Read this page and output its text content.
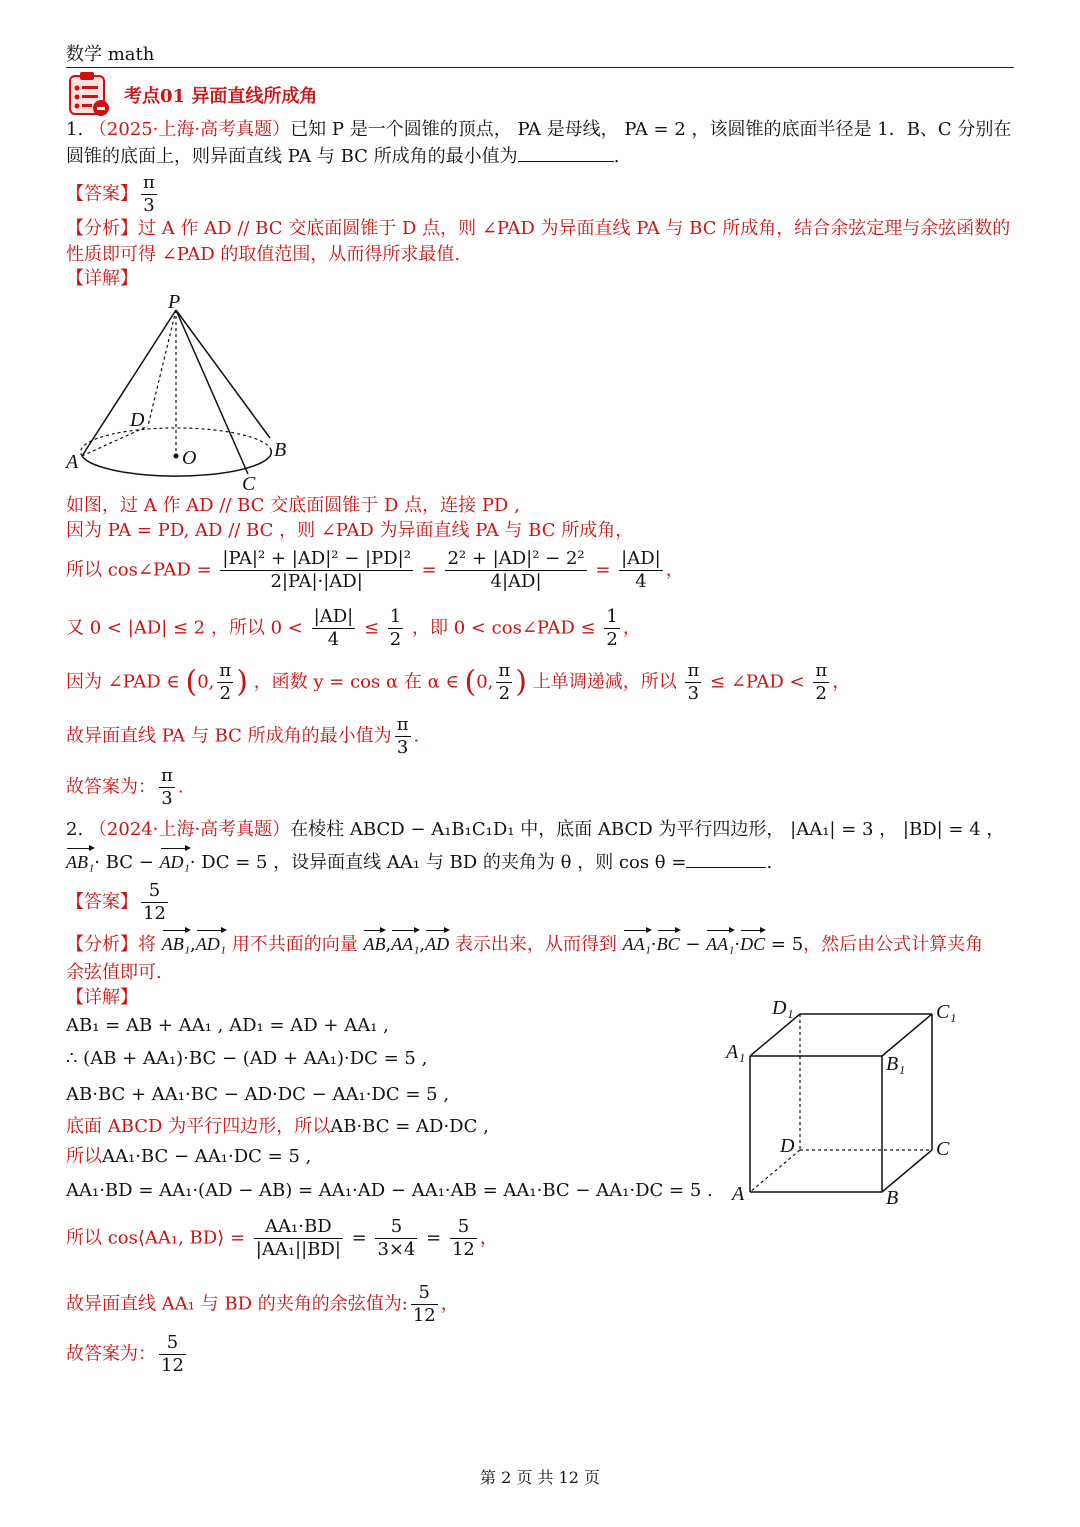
数学 math
考点01 异面直线所成角
1. （2025·上海·高考真题）已知 P 是一个圆锥的顶点， PA 是母线， PA = 2 ，该圆锥的底面半径是 1．B、C 分别在
圆锥的底面上，则异面直线 PA 与 BC 所成角的最小值为	.
【答案】 $\frac{\pi}{3}$
【分析】过 A 作 AD // BC 交底面圆锥于 D 点，则 ∠PAD 为异面直线 PA 与 BC 所成角，结合余弦定理与余弦函数的
性质即可得 ∠PAD 的取值范围，从而得所求最值.
【详解】
P
D
A	O	B
C
如图，过 A 作 AD // BC 交底面圆锥于 D 点，连接 PD ,
因为 PA = PD, AD // BC ，则 ∠PAD 为异面直线 PA 与 BC 所成角，
所以 cos∠PAD = $\frac{\text{|PA|² + |AD|² − |PD|²}}{2|PA|\cdot|AD|} = \frac{\text{2² + |AD|² − 2²}}{4|AD|} = \frac{|AD|}{4}$ ，
又 0 < |AD| ≤ 2 ，所以 $0 < \frac{|AD|}{4} \le \frac{1}{2}$ ，即 0 < cos∠PAD ≤ $\frac{1}{2}$ ，
因为 ∠PAD ∈ (0, $\frac{\pi}{2}$ ) ，函数 y = cos α 在 α ∈ (0, $\frac{\pi}{2}$ ) 上单调递减，所以 $\frac{\pi}{3}$ ≤ ∠PAD < $\frac{\pi}{2}$ ，
故异面直线 PA 与 BC 所成角的最小值为 $\frac{\pi}{3}$ .
故答案为： $\frac{\pi}{3}$ .
2. （2024·上海·高考真题）在棱柱 ABCD − A₁B₁C₁D₁ 中，底面 ABCD 为平行四边形， |AA₁| = 3 ， |BD| = 4 ，
AB₁· BC − AD₁· DC = 5 ，设异面直线 AA₁ 与 BD 的夹角为 θ ，则 cos θ =	.
【答案】 $\frac{5}{12}$
【分析】将 AB₁,AD₁ 用不共面的向量 AB,AA₁,AD 表示出来，从而得到 AA₁·BC − AA₁·DC = 5，然后由公式计算夹角
余弦值即可.
【详解】
AB₁ = AB + AA₁ , AD₁ = AD + AA₁ ,
∴ (AB + AA₁)·BC − (AD + AA₁)·DC = 5 ,
AB·BC + AA₁·BC − AD·DC − AA₁·DC = 5 ,
底面 ABCD 为平行四边形，所以AB·BC = AD·DC ,
所以AA₁·BC − AA₁·DC = 5 ,
AA₁·BD = AA₁·(AD − AB) = AA₁·AD − AA₁·AB = AA₁·BC − AA₁·DC = 5 .
所以 cos⟨AA₁, BD⟩ = $\frac{\text{AA₁·BD}}{\text{|AA₁||BD|}} = \frac{5}{3\times 4} = \frac{5}{12}$ ，
故异面直线 AA₁ 与 BD 的夹角的余弦值为: $\frac{5}{12}$ ，
故答案为： $\frac{5}{12}$
D₁	C₁
A₁
B₁
D	C
A	B
第 2 页 共 12 页
